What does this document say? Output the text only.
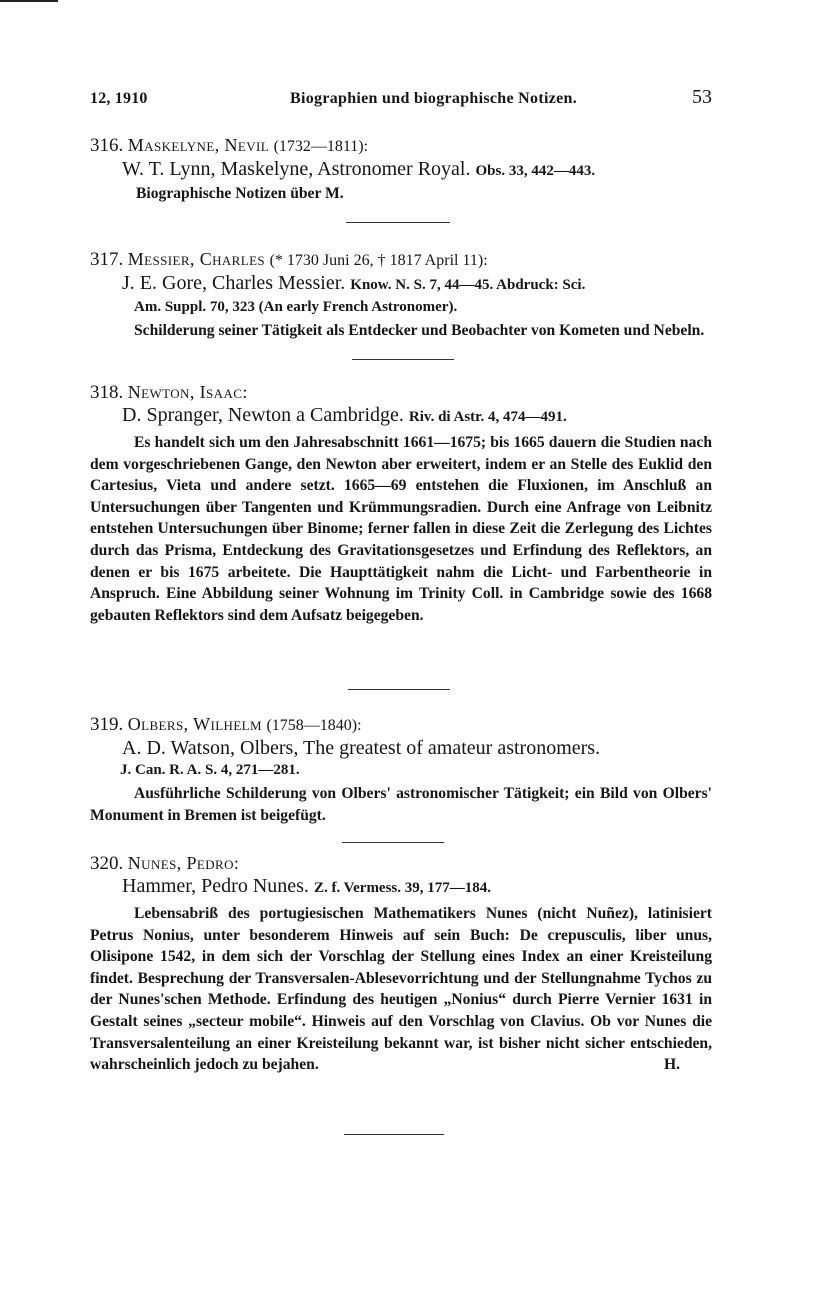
12, 1910	Biographien und biographische Notizen.	53
316. Maskelyne, Nevil (1732—1811):
W. T. Lynn, Maskelyne, Astronomer Royal. Obs. 33, 442—443.
Biographische Notizen über M.
317. Messier, Charles (* 1730 Juni 26, † 1817 April 11):
J. E. Gore, Charles Messier. Know. N. S. 7, 44—45. Abdruck: Sci.
Am. Suppl. 70, 323 (An early French Astronomer).
Schilderung seiner Tätigkeit als Entdecker und Beobachter von Kometen und Nebeln.
318. Newton, Isaac:
D. Spranger, Newton a Cambridge. Riv. di Astr. 4, 474—491.
Es handelt sich um den Jahresabschnitt 1661—1675; bis 1665 dauern die Studien nach dem vorgeschriebenen Gange, den Newton aber erweitert, indem er an Stelle des Euklid den Cartesius, Vieta und andere setzt. 1665—69 entstehen die Fluxionen, im Anschluß an Untersuchungen über Tangenten und Krümmungsradien. Durch eine Anfrage von Leibnitz entstehen Untersuchungen über Binome; ferner fallen in diese Zeit die Zerlegung des Lichtes durch das Prisma, Entdeckung des Gravitationsgesetzes und Erfindung des Reflektors, an denen er bis 1675 arbeitete. Die Haupttätigkeit nahm die Licht- und Farbentheorie in Anspruch. Eine Abbildung seiner Wohnung im Trinity Coll. in Cambridge sowie des 1668 gebauten Reflektors sind dem Aufsatz beigegeben.
319. Olbers, Wilhelm (1758—1840):
A. D. Watson, Olbers, The greatest of amateur astronomers.
J. Can. R. A. S. 4, 271—281.
Ausführliche Schilderung von Olbers' astronomischer Tätigkeit; ein Bild von Olbers' Monument in Bremen ist beigefügt.
320. Nunes, Pedro:
Hammer, Pedro Nunes. Z. f. Vermess. 39, 177—184.
Lebensabriß des portugiesischen Mathematikers Nunes (nicht Nuñez), latinisiert Petrus Nonius, unter besonderem Hinweis auf sein Buch: De crepusculis, liber unus, Olisipone 1542, in dem sich der Vorschlag der Stellung eines Index an einer Kreisteilung findet. Besprechung der Transversalen-Ablesevorrichtung und der Stellungnahme Tychos zu der Nunes'schen Methode. Erfindung des heutigen „Nonius“ durch Pierre Vernier 1631 in Gestalt seines „secteur mobile“. Hinweis auf den Vorschlag von Clavius. Ob vor Nunes die Transversalenteilung an einer Kreisteilung bekannt war, ist bisher nicht sicher entschieden, wahrscheinlich jedoch zu bejahen.	H.
